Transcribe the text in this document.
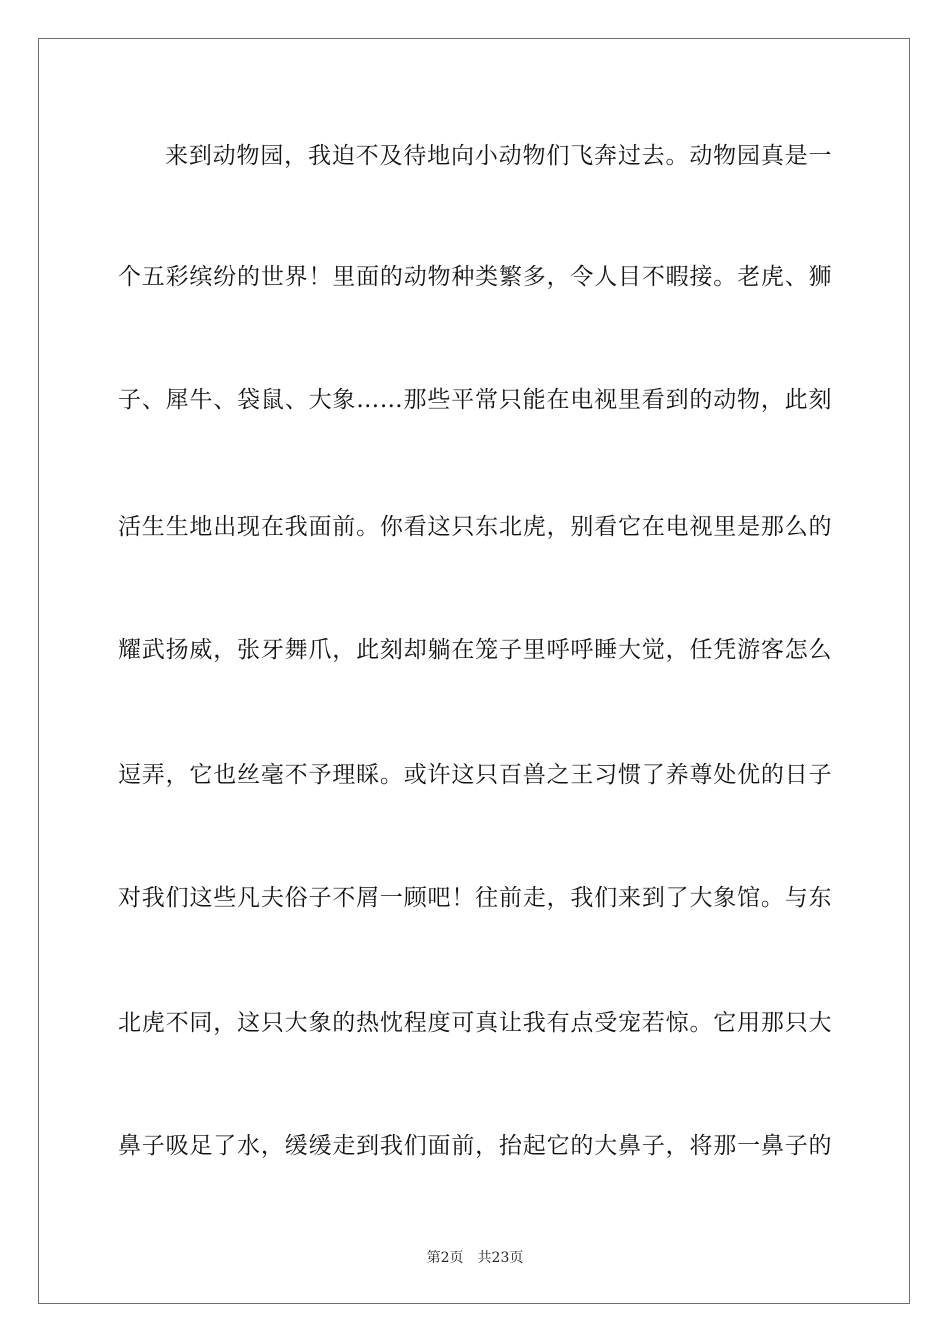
来到动物园，我迫不及待地向小动物们飞奔过去。动物园真是一
个五彩缤纷的世界！里面的动物种类繁多，令人目不暇接。老虎、狮
子、犀牛、袋鼠、大象……那些平常只能在电视里看到的动物，此刻
活生生地出现在我面前。你看这只东北虎，别看它在电视里是那么的
耀武扬威，张牙舞爪，此刻却躺在笼子里呼呼睡大觉，任凭游客怎么
逗弄，它也丝毫不予理睬。或许这只百兽之王习惯了养尊处优的日子
对我们这些凡夫俗子不屑一顾吧！往前走，我们来到了大象馆。与东
北虎不同，这只大象的热忱程度可真让我有点受宠若惊。它用那只大
鼻子吸足了水，缓缓走到我们面前，抬起它的大鼻子，将那一鼻子的
第2页 共23页
